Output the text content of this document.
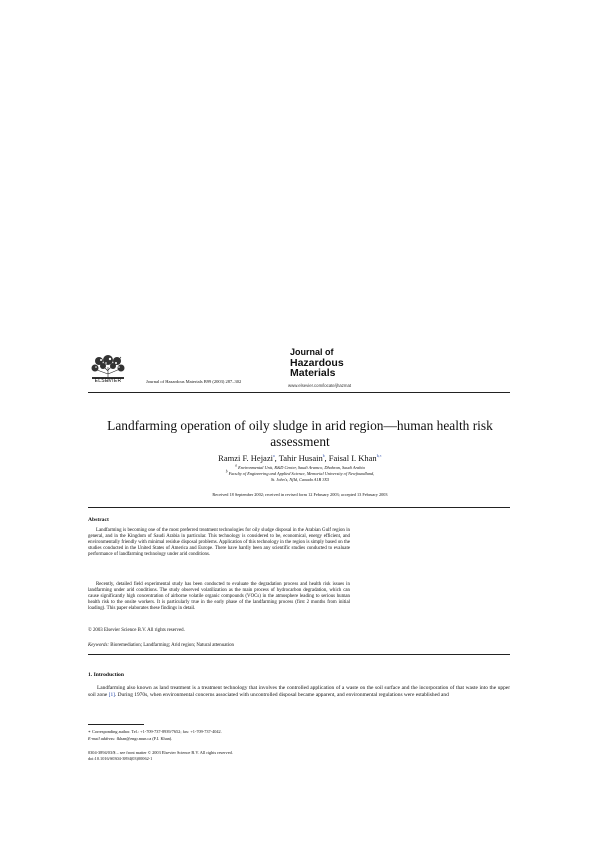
ELSEVIER	Journal of Hazardous Materials B99 (2003) 287–302
Journal of
Hazardous
Materials
www.elsevier.com/locate/jhazmat
Landfarming operation of oily sludge in arid region—human health risk assessment
Ramzi F. Hejazi$^a$, Tahir Husain$^b$, Faisal I. Khan$^{b,∗}$
$^a$ Environmental Unit, R&D Center, Saudi Aramco, Dhahran, Saudi Arabia
$^b$ Faculty of Engineering and Applied Science, Memorial University of Newfoundland,
St. John's, NfId, Canada A1B 3X5
Received 18 September 2002; received in revised form 12 February 2003; accepted 13 February 2003
Abstract
Landfarming is becoming one of the most preferred treatment technologies for oily sludge disposal in the Arabian Gulf region in general, and in the Kingdom of Saudi Arabia in particular. This technology is considered to be, economical, energy efficient, and environmentally friendly with minimal residue disposal problems. Application of this technology in the region is simply based on the studies conducted in the United States of America and Europe. There have hardly been any scientific studies conducted to evaluate performance of landfarming technology under arid conditions.
Recently, detailed field experimental study has been conducted to evaluate the degradation process and health risk issues in landfarming under arid conditions. The study observed volatilization as the main process of hydrocarbon degradation, which can cause significantly high concentration of airborne volatile organic compounds (VOCs) in the atmosphere leading to serious human health risk to the onsite workers. It is particularly true in the early phase of the landfarming process (first 2 months from initial loading). This paper elaborates these findings in detail.
© 2003 Elsevier Science B.V. All rights reserved.
Keywords: Bioremediation; Landfarming; Arid region; Natural attenuation
1. Introduction
Landfarming also known as land treatment is a treatment technology that involves the controlled application of a waste on the soil surface and the incorporation of that waste into the upper soil zone [1]. During 1970s, when environmental concerns associated with uncontrolled disposal became apparent, and environmental regulations were established and
∗ Corresponding author. Tel.: +1-709-737-8939/7652; fax: +1-709-737-4042.
E-mail address: fkhan@engr.mun.ca (F.I. Khan).
0304-3894/03/$ – see front matter © 2003 Elsevier Science B.V. All rights reserved.
doi:10.1016/S0304-3894(03)00062-1
